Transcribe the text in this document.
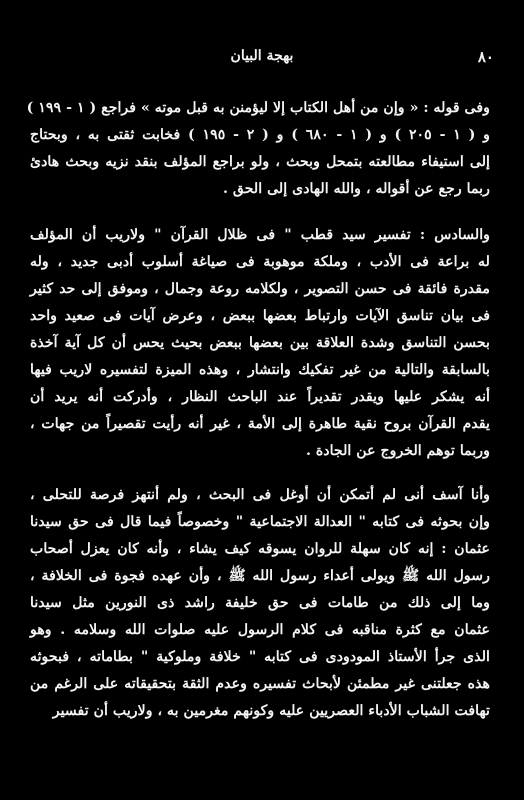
٨٠
بهجة البيان
وفى قوله : « وإن من أهل الكتاب إلا ليؤمنن به قبل موته » فراجع ( ١ - ١٩٩ )
و ( ١ - ٢٠٥ ) و ( ١ - ٦٨٠ ) و ( ٢ - ١٩٥ ) فخابت ثقتى به ، وبحتاج
إلى استيفاء مطالعته بتمحل وبحث ، ولو براجع المؤلف بنقد نزيه وبحث هادئ
ربما رجع عن أقواله ، والله الهادى إلى الحق .
والسادس : تفسير سيد قطب " فى ظلال القرآن " ولاريب أن المؤلف
له براعة فى الأدب ، وملكة موهوبة فى صياغة أسلوب أدبى جديد ، وله
مقدرة فائقة فى حسن التصوير ، ولكلامه روعة وجمال ، وموفق إلى حد كثير
فى بيان تناسق الآيات وارتباط بعضها ببعض ، وعرض آيات فى صعيد واحد
بحسن التناسق وشدة العلاقة بين بعضها ببعض بحيث يحس أن كل آية آخذة
بالسابقة والتالية من غير تفكيك وانتشار ، وهذه الميزة لتفسيره لاريب فيها
أنه يشكر عليها ويقدر تقديراً عند الباحث النظار ، وأدركت أنه يريد أن
يقدم القرآن بروح نقية طاهرة إلى الأمة ، غير أنه رأيت تقصيراً من جهات ،
وربما توهم الخروج عن الجادة .
وأنا آسف أنى لم أتمكن أن أوغل فى البحث ، ولم أنتهز فرصة للتحلى ،
وإن بحوثه فى كتابه " العدالة الاجتماعية " وخصوصاً فيما قال فى حق سيدنا
عثمان : إنه كان سهلة للروان يسوقه كيف يشاء ، وأنه كان يعزل أصحاب
رسول الله ﷺ ويولى أعداء رسول الله ﷺ ، وأن عهده فجوة فى الخلافة ،
وما إلى ذلك من طامات فى حق خليفة راشد ذى النورين مثل سيدنا
عثمان مع كثرة مناقبه فى كلام الرسول عليه صلوات الله وسلامه . وهو
الذى جرأ الأستاذ المودودى فى كتابه " خلافة وملوكية " بطاماته ، فبحوثه
هذه جعلتنى غير مطمئن لأبحاث تفسيره وعدم الثقة بتحقيقاته على الرغم من
تهافت الشباب الأدباء العصريين عليه وكونهم مغرمين به ، ولاريب أن تفسير
